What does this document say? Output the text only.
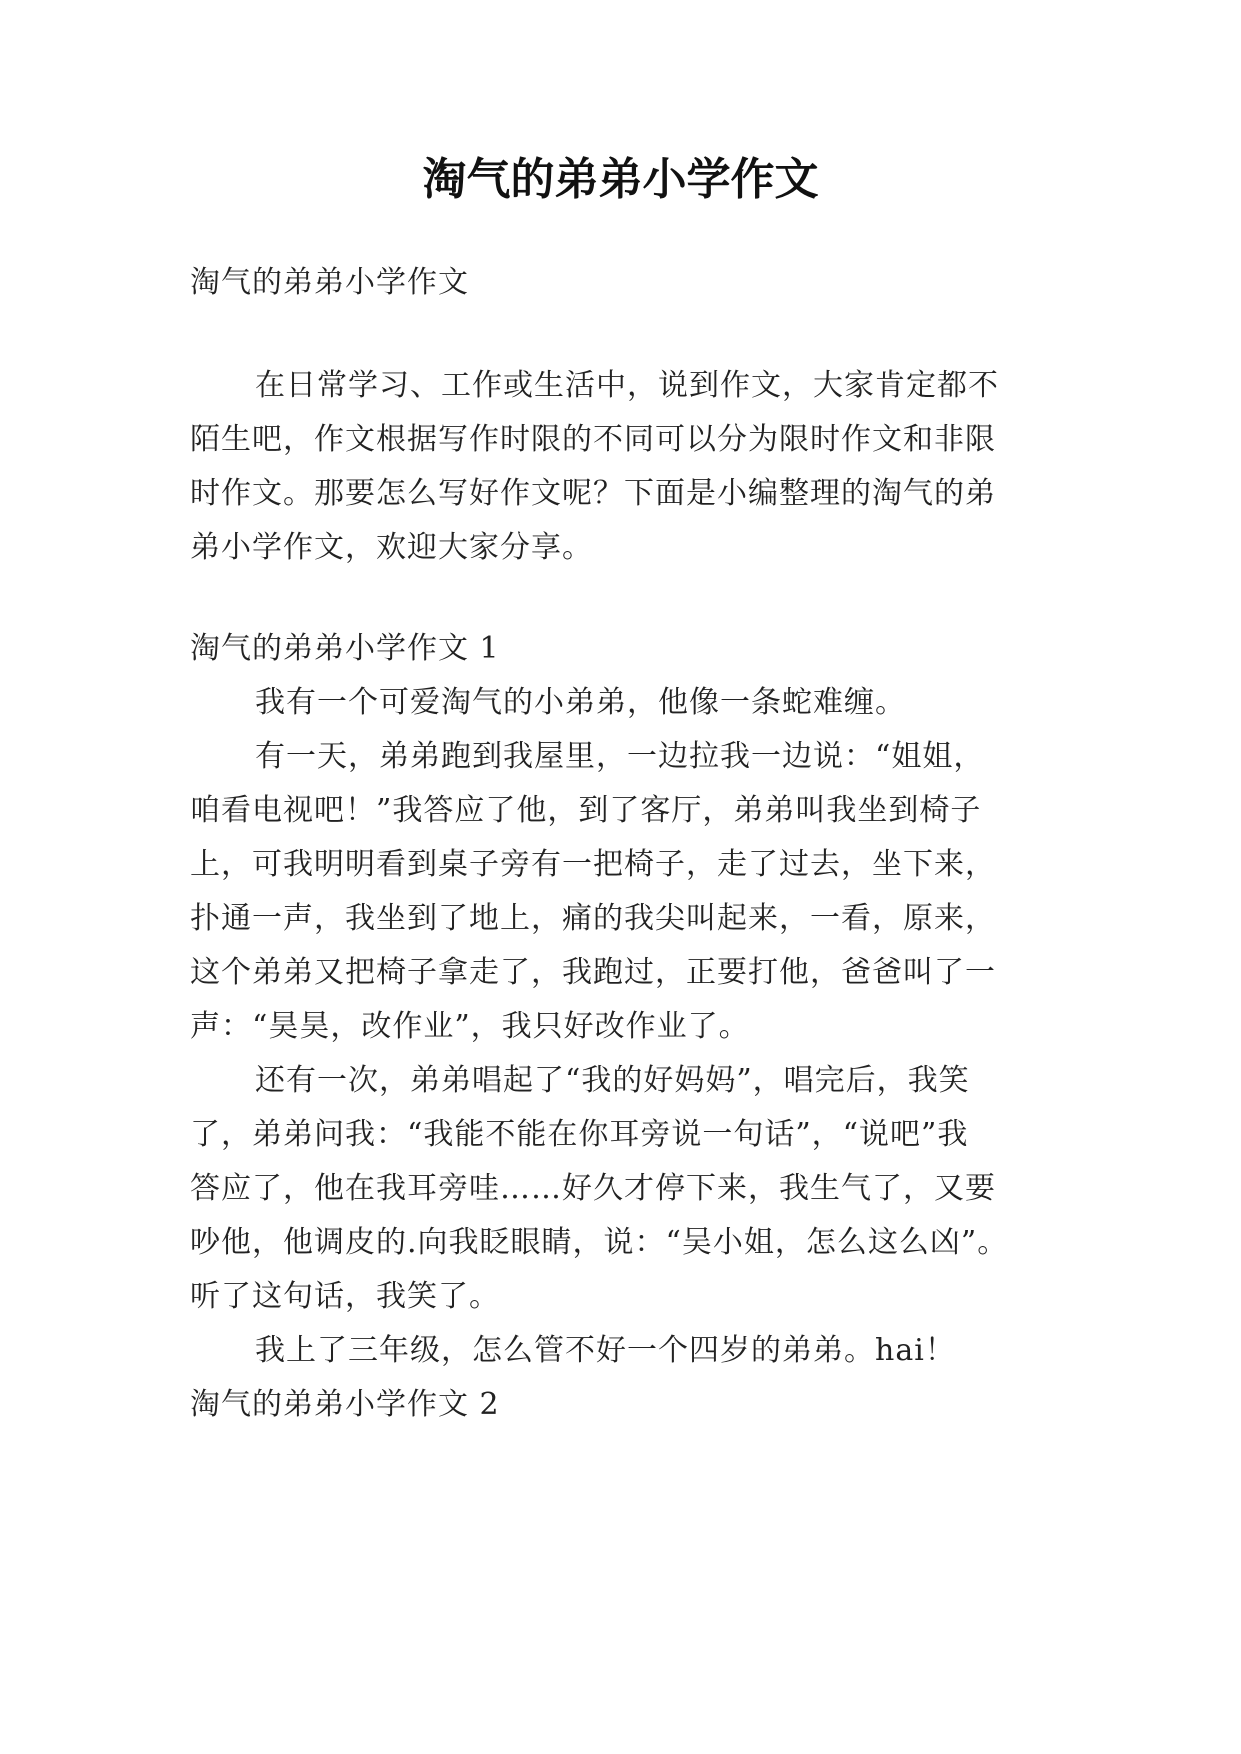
淘气的弟弟小学作文

淘气的弟弟小学作文

在日常学习、工作或生活中，说到作文，大家肯定都不

陌生吧，作文根据写作时限的不同可以分为限时作文和非限

时作文。那要怎么写好作文呢？下面是小编整理的淘气的弟

弟小学作文，欢迎大家分享。

淘气的弟弟小学作文 1

我有一个可爱淘气的小弟弟，他像一条蛇难缠。

有一天，弟弟跑到我屋里，一边拉我一边说：“姐姐，

咱看电视吧！”我答应了他，到了客厅，弟弟叫我坐到椅子

上，可我明明看到桌子旁有一把椅子，走了过去，坐下来，

扑通一声，我坐到了地上，痛的我尖叫起来，一看，原来，

这个弟弟又把椅子拿走了，我跑过，正要打他，爸爸叫了一

声：“昊昊，改作业”，我只好改作业了。

还有一次，弟弟唱起了“我的好妈妈”，唱完后，我笑

了，弟弟问我：“我能不能在你耳旁说一句话”，“说吧”我

答应了，他在我耳旁哇……好久才停下来，我生气了，又要

吵他，他调皮的.向我眨眼睛，说：“吴小姐，怎么这么凶”。

听了这句话，我笑了。

我上了三年级，怎么管不好一个四岁的弟弟。hai！

淘气的弟弟小学作文 2
